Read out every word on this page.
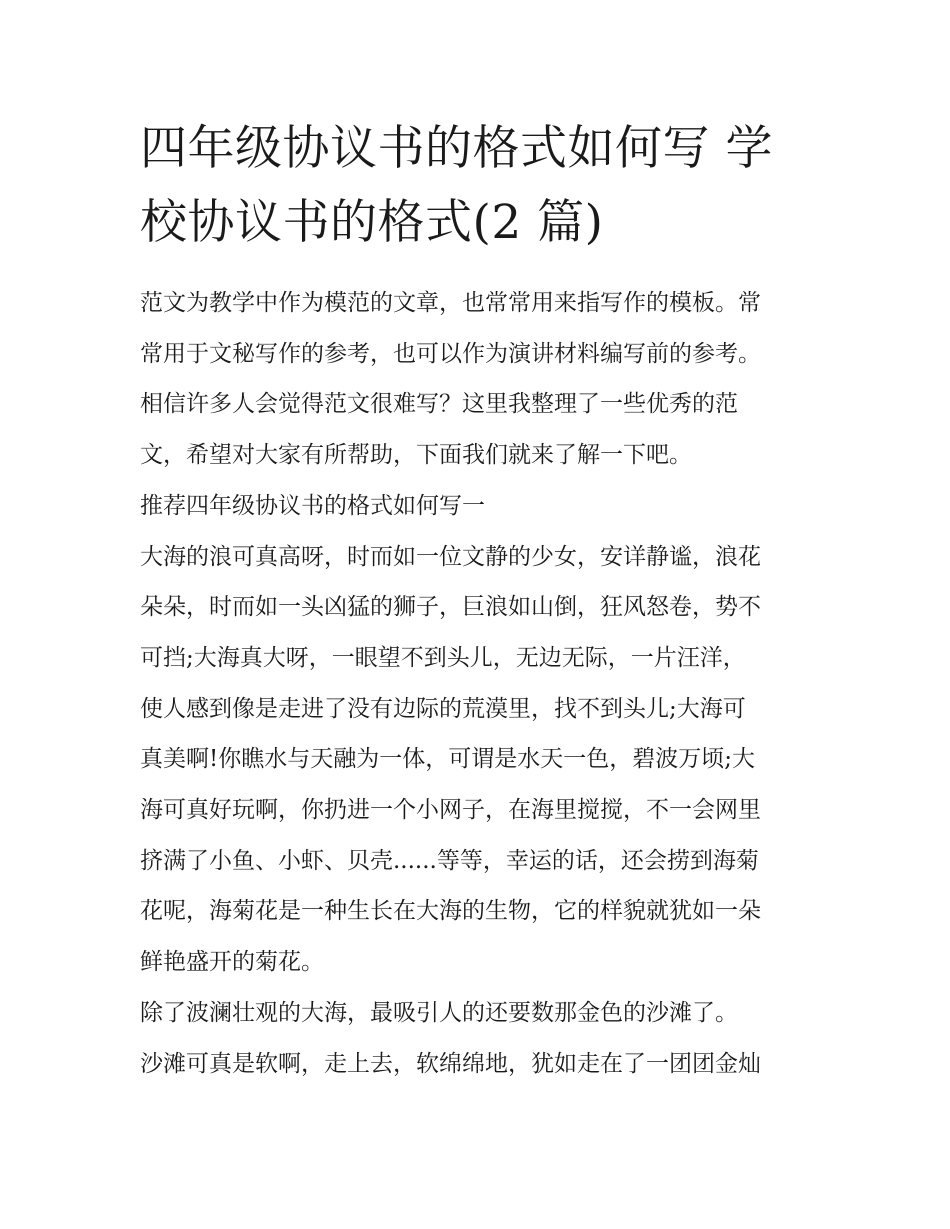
四年级协议书的格式如何写 学
校协议书的格式(2 篇)
范文为教学中作为模范的文章，也常常用来指写作的模板。常
常用于文秘写作的参考，也可以作为演讲材料编写前的参考。
相信许多人会觉得范文很难写？这里我整理了一些优秀的范
文，希望对大家有所帮助，下面我们就来了解一下吧。
推荐四年级协议书的格式如何写一
大海的浪可真高呀，时而如一位文静的少女，安详静谧，浪花
朵朵，时而如一头凶猛的狮子，巨浪如山倒，狂风怒卷，势不
可挡;大海真大呀，一眼望不到头儿，无边无际，一片汪洋，
使人感到像是走进了没有边际的荒漠里，找不到头儿;大海可
真美啊!你瞧水与天融为一体，可谓是水天一色，碧波万顷;大
海可真好玩啊，你扔进一个小网子，在海里搅搅，不一会网里
挤满了小鱼、小虾、贝壳......等等，幸运的话，还会捞到海菊
花呢，海菊花是一种生长在大海的生物，它的样貌就犹如一朵
鲜艳盛开的菊花。
除了波澜壮观的大海，最吸引人的还要数那金色的沙滩了。
沙滩可真是软啊，走上去，软绵绵地，犹如走在了一团团金灿
